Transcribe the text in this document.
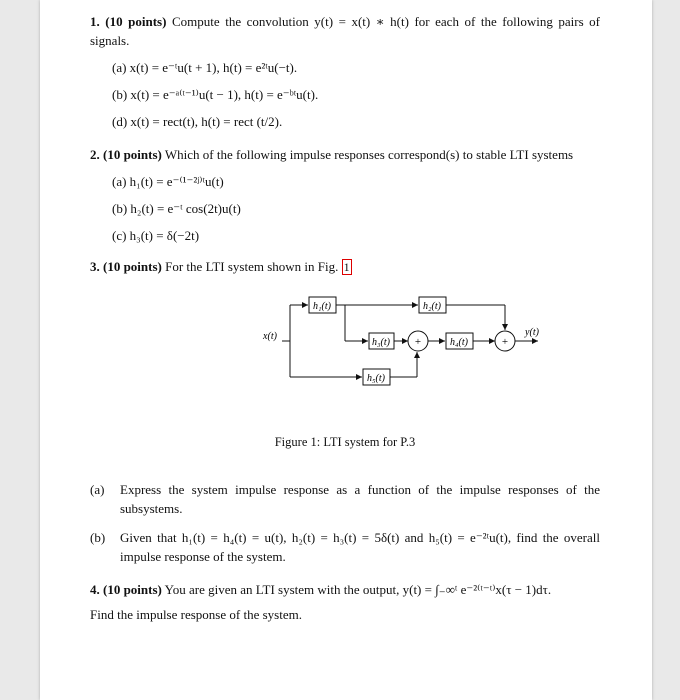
1. (10 points) Compute the convolution y(t) = x(t) ∗ h(t) for each of the following pairs of signals.
(a) x(t) = e⁻ᵗu(t + 1), h(t) = e²ᵗu(−t).
(b) x(t) = e⁻ᵃ⁽ᵗ⁻¹⁾u(t − 1), h(t) = e⁻ᵇᵗu(t).
(d) x(t) = rect(t), h(t) = rect (t/2).
2. (10 points) Which of the following impulse responses correspond(s) to stable LTI systems
(a) h₁(t) = e⁻⁽¹⁻²ʲ⁾ᵗu(t)
(b) h₂(t) = e⁻ᵗ cos(2t)u(t)
(c) h₃(t) = δ(−2t)
3. (10 points) For the LTI system shown in Fig. 1
h₁(t)	h₂(t)
h₃(t)	h₄(t)
h₅(t)
+	+
x(t)	y(t)
Figure 1: LTI system for P.3
(a)	Express the system impulse response as a function of the impulse responses of the subsystems.
(b)	Given that h₁(t) = h₄(t) = u(t), h₂(t) = h₃(t) = 5δ(t) and h₅(t) = e⁻²ᵗu(t), find the overall impulse response of the system.
4. (10 points) You are given an LTI system with the output, y(t) = ∫₋∞ᵗ e⁻²⁽ᵗ⁻ᵗ⁾x(τ − 1)dτ.
Find the impulse response of the system.
